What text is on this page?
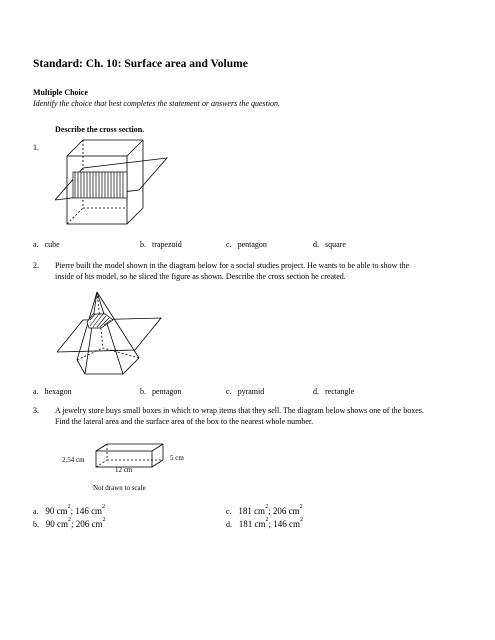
Standard: Ch. 10: Surface area and Volume
Multiple Choice
Identify the choice that best completes the statement or answers the question.
Describe the cross section.
1.
a. cube	b. trapezoid	c. pentagon	d. square
2. Pierre built the model shown in the diagram below for a social studies project. He wants to be able to show the
inside of his model, so he sliced the figure as shown. Describe the cross section he created.
a. hexagon	b. pentagon	c. pyramid	d. rectangle
3. A jewelry store buys small boxes in which to wrap items that they sell. The diagram below shows one of the boxes.
Find the lateral area and the surface area of the box to the nearest whole number.
2.54 cm
12 cm
5 cm
Not drawn to scale
a. 90 $cm^2$; 146 $cm^2$
b. 90 $cm^2$; 206 $cm^2$
c. 181 $cm^2$; 206 $cm^2$
d. 181 $cm^2$; 146 $cm^2$
